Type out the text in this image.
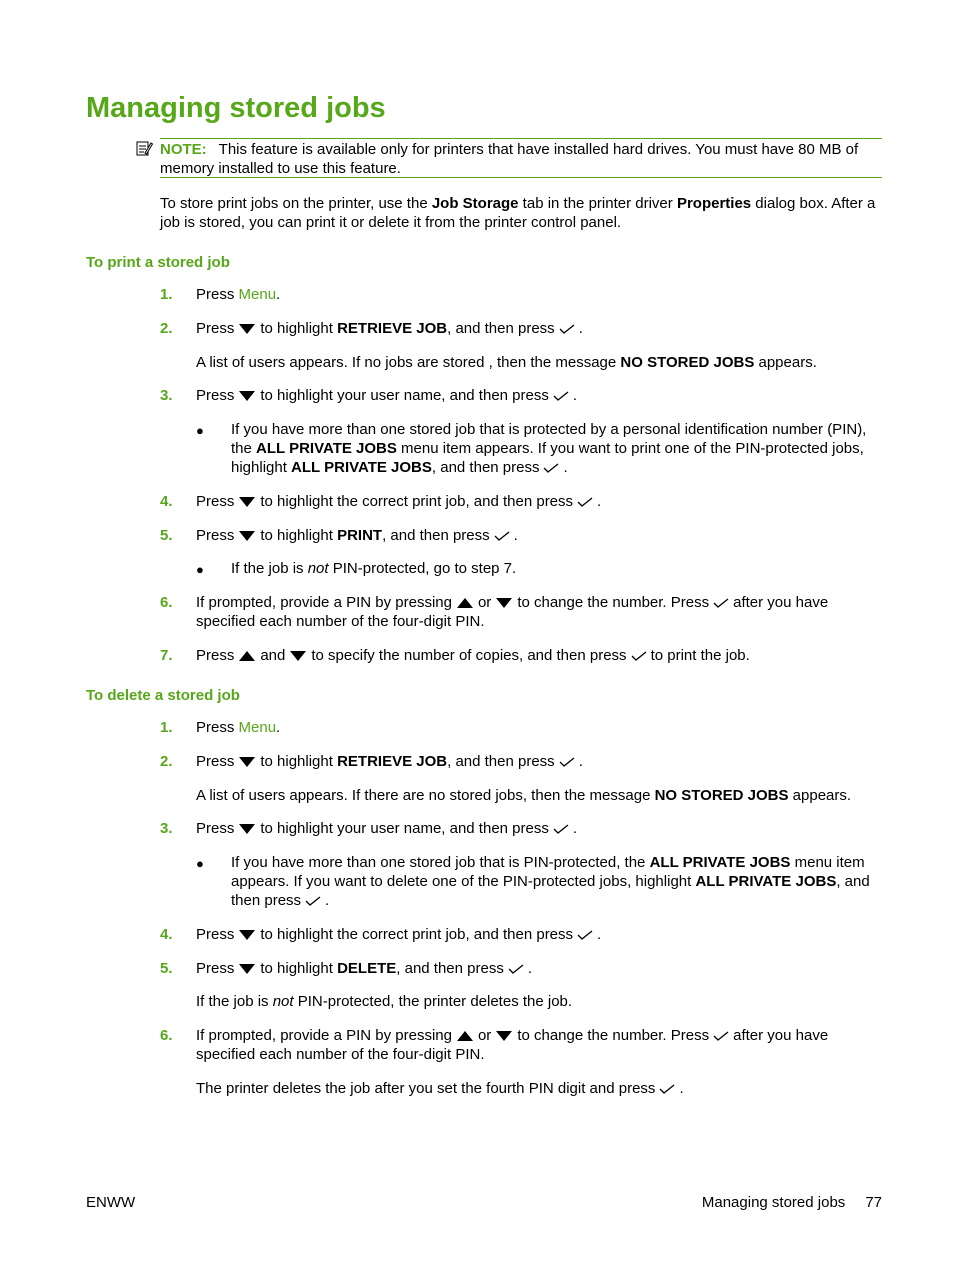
Managing stored jobs
NOTE: This feature is available only for printers that have installed hard drives. You must have 80 MB of memory installed to use this feature.
To store print jobs on the printer, use the Job Storage tab in the printer driver Properties dialog box. After a job is stored, you can print it or delete it from the printer control panel.
To print a stored job
1.	Press Menu.
2.	Press to highlight RETRIEVE JOB, and then press .
A list of users appears. If no jobs are stored , then the message NO STORED JOBS appears.
3.	Press to highlight your user name, and then press .
● If you have more than one stored job that is protected by a personal identification number (PIN), the ALL PRIVATE JOBS menu item appears. If you want to print one of the PIN-protected jobs, highlight ALL PRIVATE JOBS, and then press .
4.	Press to highlight the correct print job, and then press .
5.	Press to highlight PRINT, and then press .
● If the job is not PIN-protected, go to step 7.
6.	If prompted, provide a PIN by pressing or to change the number. Press after you have specified each number of the four-digit PIN.
7.	Press and to specify the number of copies, and then press to print the job.
To delete a stored job
1.	Press Menu.
2.	Press to highlight RETRIEVE JOB, and then press .
A list of users appears. If there are no stored jobs, then the message NO STORED JOBS appears.
3.	Press to highlight your user name, and then press .
● If you have more than one stored job that is PIN-protected, the ALL PRIVATE JOBS menu item appears. If you want to delete one of the PIN-protected jobs, highlight ALL PRIVATE JOBS, and then press .
4.	Press to highlight the correct print job, and then press .
5.	Press to highlight DELETE, and then press .
If the job is not PIN-protected, the printer deletes the job.
6.	If prompted, provide a PIN by pressing or to change the number. Press after you have specified each number of the four-digit PIN.
The printer deletes the job after you set the fourth PIN digit and press .
ENWW	Managing stored jobs 77
